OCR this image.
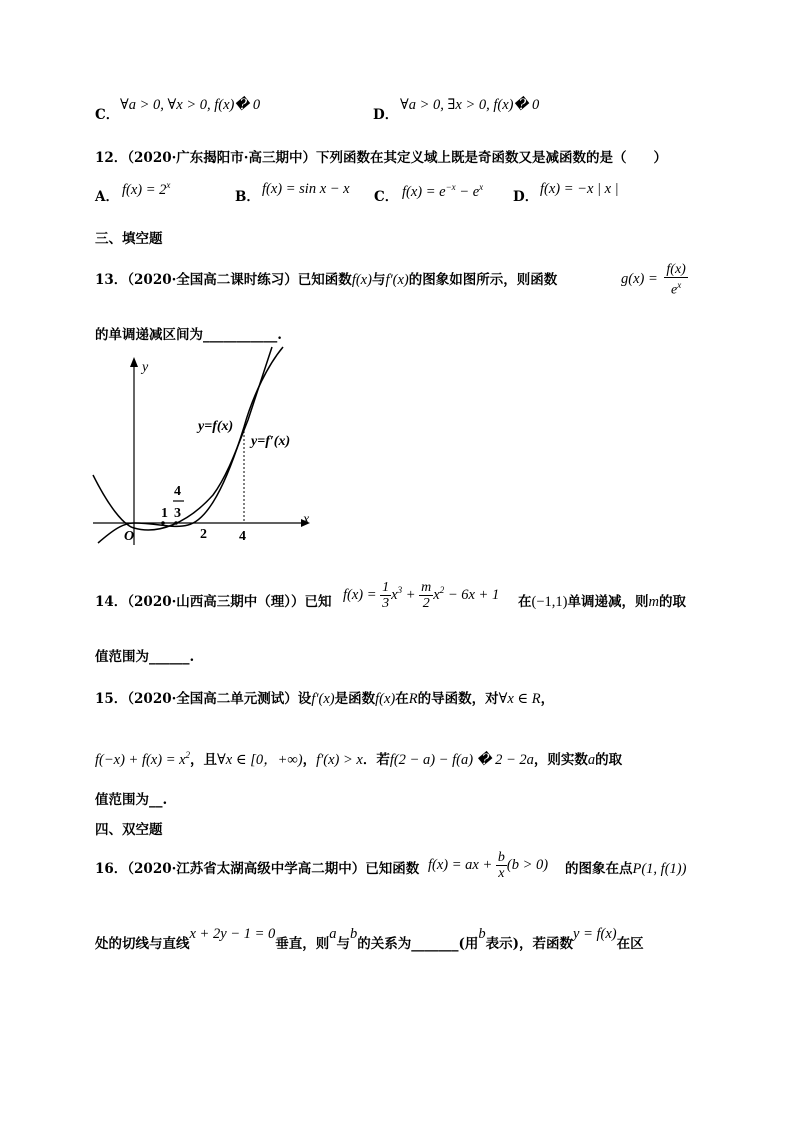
C．
∀a > 0, ∀x > 0, f(x)� 0
D．
∀a > 0, ∃x > 0, f(x)� 0
12．（2020·广东揭阳市·高三期中）下列函数在其定义域上既是奇函数又是减函数的是（　　）
A． $f(x) = 2^x$
B． f(x) = sin x − x C． $f(x) = e^{-x} - e^x$
D． f(x) = −x | x |
三、填空题
13．（2020·全国高二课时练习）已知函数f(x)与f′(x)的图象如图所示，则函数	$g(x) = \frac{f(x)}{e^x}$
的单调递减区间为___________.
y
x
O
y=f(x)
y=f′(x)
1
4
3
2 4
14．（2020·山西高三期中（理））已知 $f(x) = \frac{1}{3} x^3 + \frac{m}{2} x^2 - 6x + 1$ 在(−1,1)单调递减，则m的取
值范围为______.
15．（2020·全国高二单元测试）设f′(x)是函数f(x)在R的导函数，对∀x ∈ R，
$f(-x) + f(x) = x^2$，且∀x ∈ [0，+∞)，f′(x) > x．若f(2 − a) − f(a) � 2 − 2a，则实数a的取
值范围为__.
四、双空题
16．（2020·江苏省太湖高级中学高二期中）已知函数 f(x) = ax + $\frac{b}{x} (b > 0)$ 的图象在点P(1, f(1))
处的切线与直线x + 2y − 1 = 0垂直，则a与b的关系为_______(用b表示)，若函数y = f(x)在区
